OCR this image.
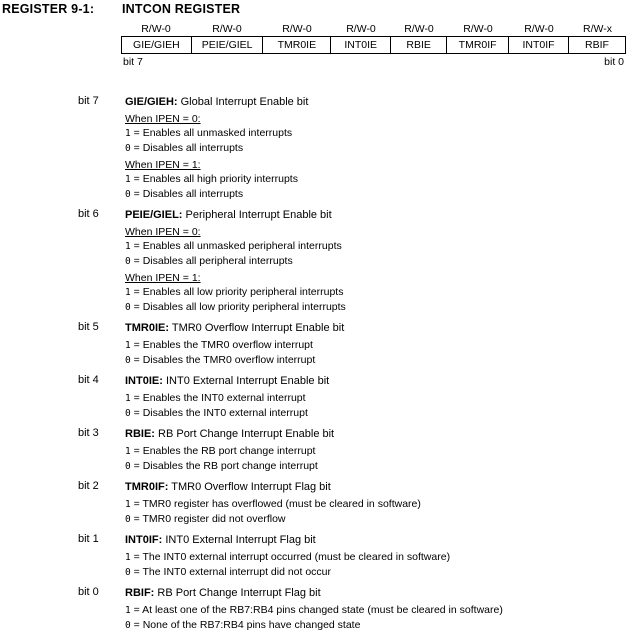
REGISTER 9-1: INTCON REGISTER
R/W-0	R/W-0	R/W-0	R/W-0	R/W-0	R/W-0	R/W-0	R/W-x
GIE/GIEH	PEIE/GIEL	TMR0IE	INT0IE	RBIE	TMR0IF	INT0IF	RBIF
bit 7	bit 0
bit 7 GIE/GIEH: Global Interrupt Enable bit
When IPEN = 0:
1 = Enables all unmasked interrupts
0 = Disables all interrupts
When IPEN = 1:
1 = Enables all high priority interrupts
0 = Disables all interrupts
bit 6 PEIE/GIEL: Peripheral Interrupt Enable bit
When IPEN = 0:
1 = Enables all unmasked peripheral interrupts
0 = Disables all peripheral interrupts
When IPEN = 1:
1 = Enables all low priority peripheral interrupts
0 = Disables all low priority peripheral interrupts
bit 5 TMR0IE: TMR0 Overflow Interrupt Enable bit
1 = Enables the TMR0 overflow interrupt
0 = Disables the TMR0 overflow interrupt
bit 4 INT0IE: INT0 External Interrupt Enable bit
1 = Enables the INT0 external interrupt
0 = Disables the INT0 external interrupt
bit 3 RBIE: RB Port Change Interrupt Enable bit
1 = Enables the RB port change interrupt
0 = Disables the RB port change interrupt
bit 2 TMR0IF: TMR0 Overflow Interrupt Flag bit
1 = TMR0 register has overflowed (must be cleared in software)
0 = TMR0 register did not overflow
bit 1 INT0IF: INT0 External Interrupt Flag bit
1 = The INT0 external interrupt occurred (must be cleared in software)
0 = The INT0 external interrupt did not occur
bit 0 RBIF: RB Port Change Interrupt Flag bit
1 = At least one of the RB7:RB4 pins changed state (must be cleared in software)
0 = None of the RB7:RB4 pins have changed state
